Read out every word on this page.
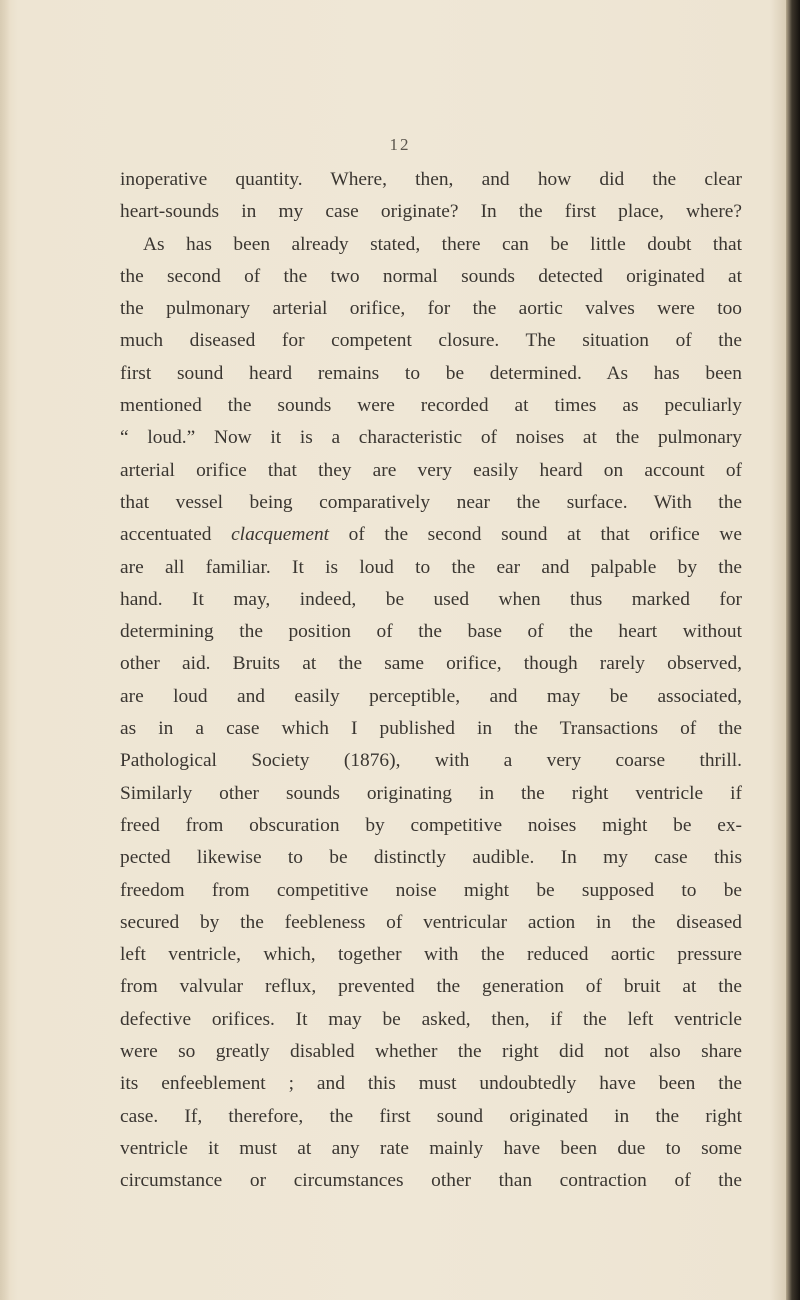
12
inoperative quantity. Where, then, and how did the clear
heart-sounds in my case originate? In the first place, where?
As has been already stated, there can be little doubt that
the second of the two normal sounds detected originated at
the pulmonary arterial orifice, for the aortic valves were too
much diseased for competent closure. The situation of the
first sound heard remains to be determined. As has been
mentioned the sounds were recorded at times as peculiarly
“ loud.” Now it is a characteristic of noises at the pulmonary
arterial orifice that they are very easily heard on account of
that vessel being comparatively near the surface. With the
accentuated clacquement of the second sound at that orifice we
are all familiar. It is loud to the ear and palpable by the
hand. It may, indeed, be used when thus marked for
determining the position of the base of the heart without
other aid. Bruits at the same orifice, though rarely observed,
are loud and easily perceptible, and may be associated,
as in a case which I published in the Transactions of the
Pathological Society (1876), with a very coarse thrill.
Similarly other sounds originating in the right ventricle if
freed from obscuration by competitive noises might be ex-
pected likewise to be distinctly audible. In my case this
freedom from competitive noise might be supposed to be
secured by the feebleness of ventricular action in the diseased
left ventricle, which, together with the reduced aortic pressure
from valvular reflux, prevented the generation of bruit at the
defective orifices. It may be asked, then, if the left ventricle
were so greatly disabled whether the right did not also share
its enfeeblement ; and this must undoubtedly have been the
case. If, therefore, the first sound originated in the right
ventricle it must at any rate mainly have been due to some
circumstance or circumstances other than contraction of the
